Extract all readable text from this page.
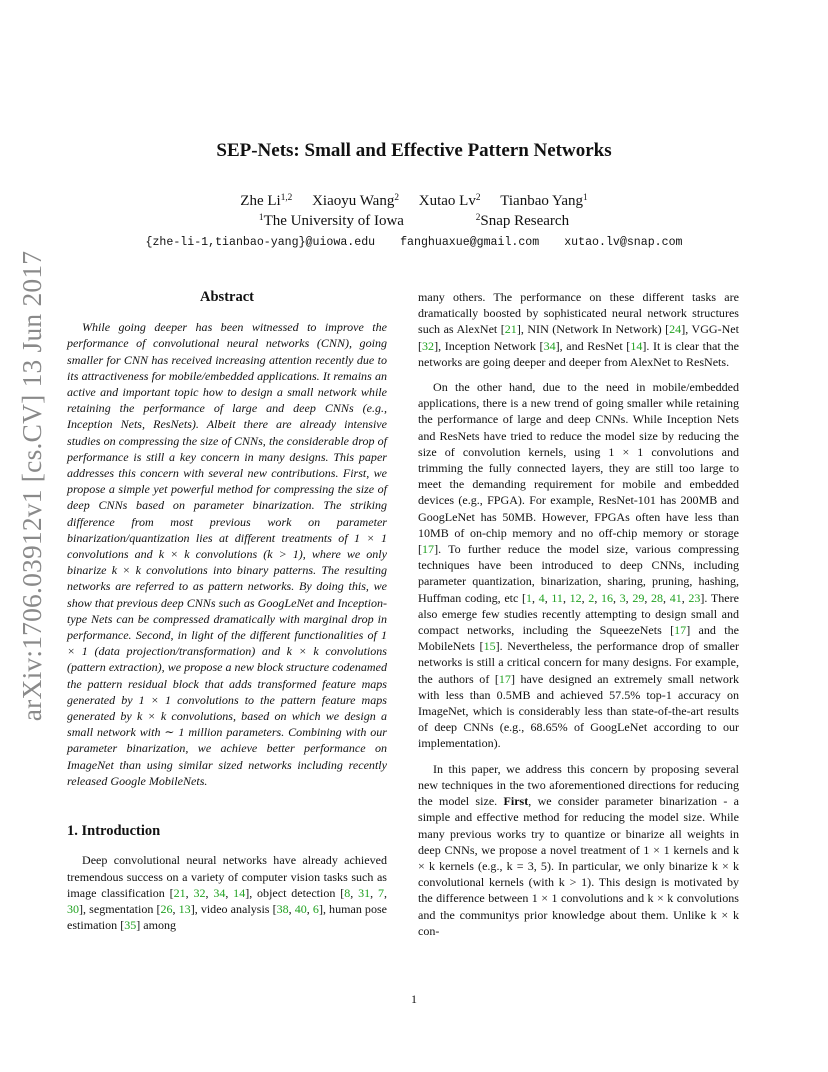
arXiv:1706.03912v1 [cs.CV] 13 Jun 2017
SEP-Nets: Small and Effective Pattern Networks
Zhe Li$^{1,2}$ Xiaoyu Wang$^2$ Xutao Lv$^2$ Tianbao Yang$^1$
$^1$The University of Iowa	$^2$Snap Research
{zhe-li-1,tianbao-yang}@uiowa.edu fanghuaxue@gmail.com xutao.lv@snap.com
Abstract

While going deeper has been witnessed to improve the performance of convolutional neural networks (CNN), going smaller for CNN has received increasing attention recently due to its attractiveness for mobile/embedded applications. It remains an active and important topic how to design a small network while retaining the performance of large and deep CNNs (e.g., Inception Nets, ResNets). Albeit there are already intensive studies on compressing the size of CNNs, the considerable drop of performance is still a key concern in many designs. This paper addresses this concern with several new contributions. First, we propose a simple yet powerful method for compressing the size of deep CNNs based on parameter binarization. The striking difference from most previous work on parameter binarization/quantization lies at different treatments of 1 × 1 convolutions and k × k convolutions (k > 1), where we only binarize k × k convolutions into binary patterns. The resulting networks are referred to as pattern networks. By doing this, we show that previous deep CNNs such as GoogLeNet and Inception-type Nets can be compressed dramatically with marginal drop in performance. Second, in light of the different functionalities of 1 × 1 (data projection/transformation) and k × k convolutions (pattern extraction), we propose a new block structure codenamed the pattern residual block that adds transformed feature maps generated by 1 × 1 convolutions to the pattern feature maps generated by k × k convolutions, based on which we design a small network with ∼ 1 million parameters. Combining with our parameter binarization, we achieve better performance on ImageNet than using similar sized networks including recently released Google MobileNets.

1. Introduction

Deep convolutional neural networks have already achieved tremendous success on a variety of computer vision tasks such as image classification [21, 32, 34, 14], object detection [8, 31, 7, 30], segmentation [26, 13], video analysis [38, 40, 6], human pose estimation [35] among

many others. The performance on these different tasks are dramatically boosted by sophisticated neural network structures such as AlexNet [21], NIN (Network In Network) [24], VGG-Net [32], Inception Network [34], and ResNet [14]. It is clear that the networks are going deeper and deeper from AlexNet to ResNets.

On the other hand, due to the need in mobile/embedded applications, there is a new trend of going smaller while retaining the performance of large and deep CNNs. While Inception Nets and ResNets have tried to reduce the model size by reducing the size of convolution kernels, using 1 × 1 convolutions and trimming the fully connected layers, they are still too large to meet the demanding requirement for mobile and embedded devices (e.g., FPGA). For example, ResNet-101 has 200MB and GoogLeNet has 50MB. However, FPGAs often have less than 10MB of on-chip memory and no off-chip memory or storage [17]. To further reduce the model size, various compressing techniques have been introduced to deep CNNs, including parameter quantization, binarization, sharing, pruning, hashing, Huffman coding, etc [1, 4, 11, 12, 2, 16, 3, 29, 28, 41, 23]. There also emerge few studies recently attempting to design small and compact networks, including the SqueezeNets [17] and the MobileNets [15]. Nevertheless, the performance drop of smaller networks is still a critical concern for many designs. For example, the authors of [17] have designed an extremely small network with less than 0.5MB and achieved 57.5% top-1 accuracy on ImageNet, which is considerably less than state-of-the-art results of deep CNNs (e.g., 68.65% of GoogLeNet according to our implementation).

In this paper, we address this concern by proposing several new techniques in the two aforementioned directions for reducing the model size. First, we consider parameter binarization - a simple and effective method for reducing the model size. While many previous works try to quantize or binarize all weights in deep CNNs, we propose a novel treatment of 1 × 1 kernels and k × k kernels (e.g., k = 3, 5). In particular, we only binarize k × k convolutional kernels (with k > 1). This design is motivated by the difference between 1 × 1 convolutions and k × k convolutions and the communitys prior knowledge about them. Unlike k × k con-

1
